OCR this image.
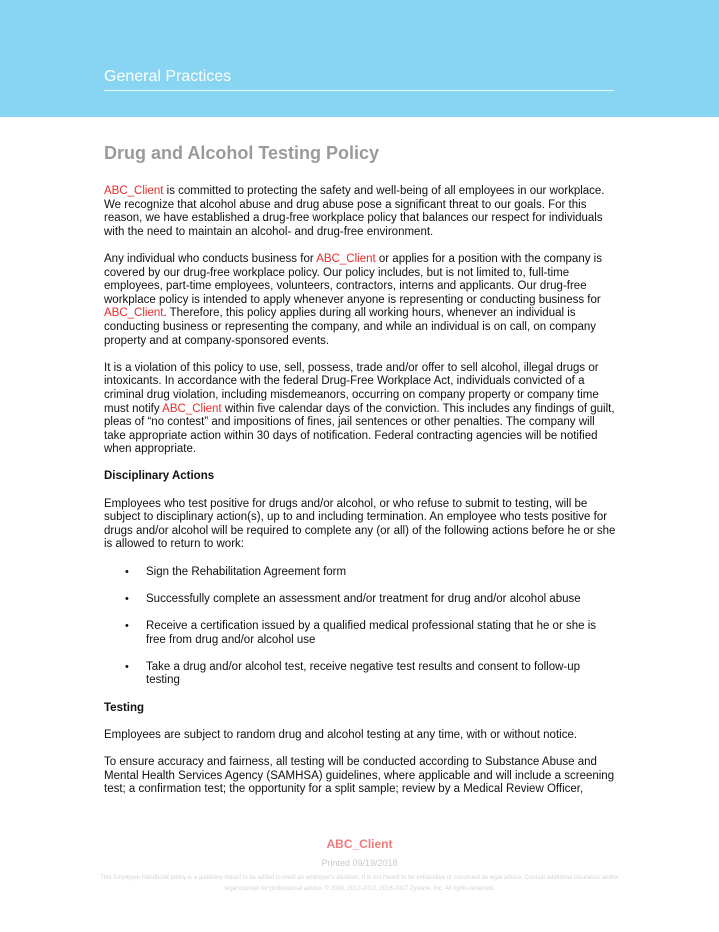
General Practices
Drug and Alcohol Testing Policy

ABC_Client is committed to protecting the safety and well-being of all employees in our workplace. We recognize that alcohol abuse and drug abuse pose a significant threat to our goals. For this reason, we have established a drug-free workplace policy that balances our respect for individuals with the need to maintain an alcohol- and drug-free environment.

Any individual who conducts business for ABC_Client or applies for a position with the company is covered by our drug-free workplace policy. Our policy includes, but is not limited to, full-time employees, part-time employees, volunteers, contractors, interns and applicants. Our drug-free workplace policy is intended to apply whenever anyone is representing or conducting business for ABC_Client. Therefore, this policy applies during all working hours, whenever an individual is conducting business or representing the company, and while an individual is on call, on company property and at company-sponsored events.

It is a violation of this policy to use, sell, possess, trade and/or offer to sell alcohol, illegal drugs or intoxicants. In accordance with the federal Drug-Free Workplace Act, individuals convicted of a criminal drug violation, including misdemeanors, occurring on company property or company time must notify ABC_Client within five calendar days of the conviction. This includes any findings of guilt, pleas of “no contest” and impositions of fines, jail sentences or other penalties. The company will take appropriate action within 30 days of notification. Federal contracting agencies will be notified when appropriate.

Disciplinary Actions

Employees who test positive for drugs and/or alcohol, or who refuse to submit to testing, will be subject to disciplinary action(s), up to and including termination. An employee who tests positive for drugs and/or alcohol will be required to complete any (or all) of the following actions before he or she is allowed to return to work:

• Sign the Rehabilitation Agreement form
• Successfully complete an assessment and/or treatment for drug and/or alcohol abuse
• Receive a certification issued by a qualified medical professional stating that he or she is free from drug and/or alcohol use
• Take a drug and/or alcohol test, receive negative test results and consent to follow-up testing
Testing

Employees are subject to random drug and alcohol testing at any time, with or without notice.

To ensure accuracy and fairness, all testing will be conducted according to Substance Abuse and Mental Health Services Agency (SAMHSA) guidelines, where applicable and will include a screening test; a confirmation test; the opportunity for a split sample; review by a Medical Review Officer,

ABC_Client
Printed 09/19/2018
This Employee Handbook policy is a guideline meant to be edited to meet an employer's situation. It is not meant to be exhaustive or construed as legal advice. Consult additional insurance and/or legal counsel for professional advice. © 2008, 2012-2013, 2016-2017 Zywave, Inc. All rights reserved.
